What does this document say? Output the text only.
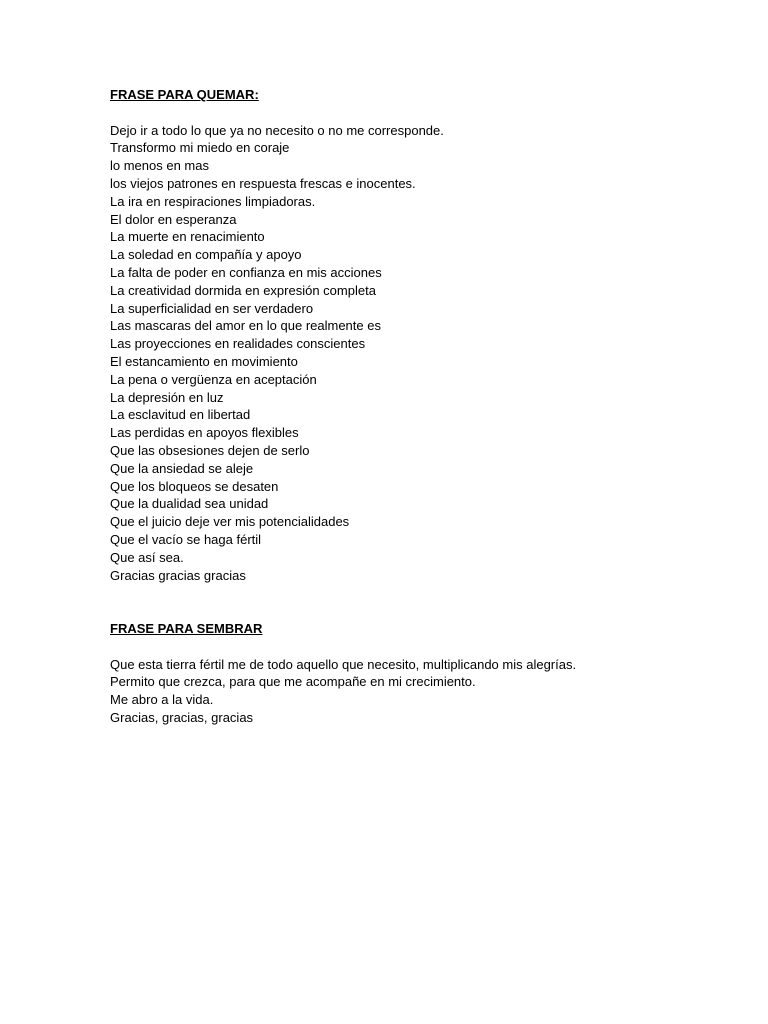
FRASE PARA QUEMAR:
Dejo ir a todo lo que ya no necesito o no me corresponde.
Transformo mi miedo en coraje
lo menos en mas
los viejos patrones en respuesta frescas e inocentes.
La ira en respiraciones limpiadoras.
El dolor en esperanza
La muerte en renacimiento
La soledad en compañía y apoyo
La falta de poder en confianza en mis acciones
La creatividad dormida en expresión completa
La superficialidad en ser verdadero
Las mascaras del amor en lo que realmente es
Las proyecciones en realidades conscientes
El estancamiento en movimiento
La pena o vergüenza en aceptación
La depresión en luz
La esclavitud en libertad
Las perdidas en apoyos flexibles
Que las obsesiones dejen de serlo
Que la ansiedad se aleje
Que los bloqueos se desaten
Que la dualidad sea unidad
Que el juicio deje ver mis potencialidades
Que el vacío se haga fértil
Que así sea.
Gracias gracias gracias
FRASE PARA SEMBRAR
Que esta tierra fértil me de todo aquello que necesito, multiplicando mis alegrías.
Permito que crezca, para que me acompañe en mi crecimiento.
Me abro a la vida.
Gracias, gracias, gracias
